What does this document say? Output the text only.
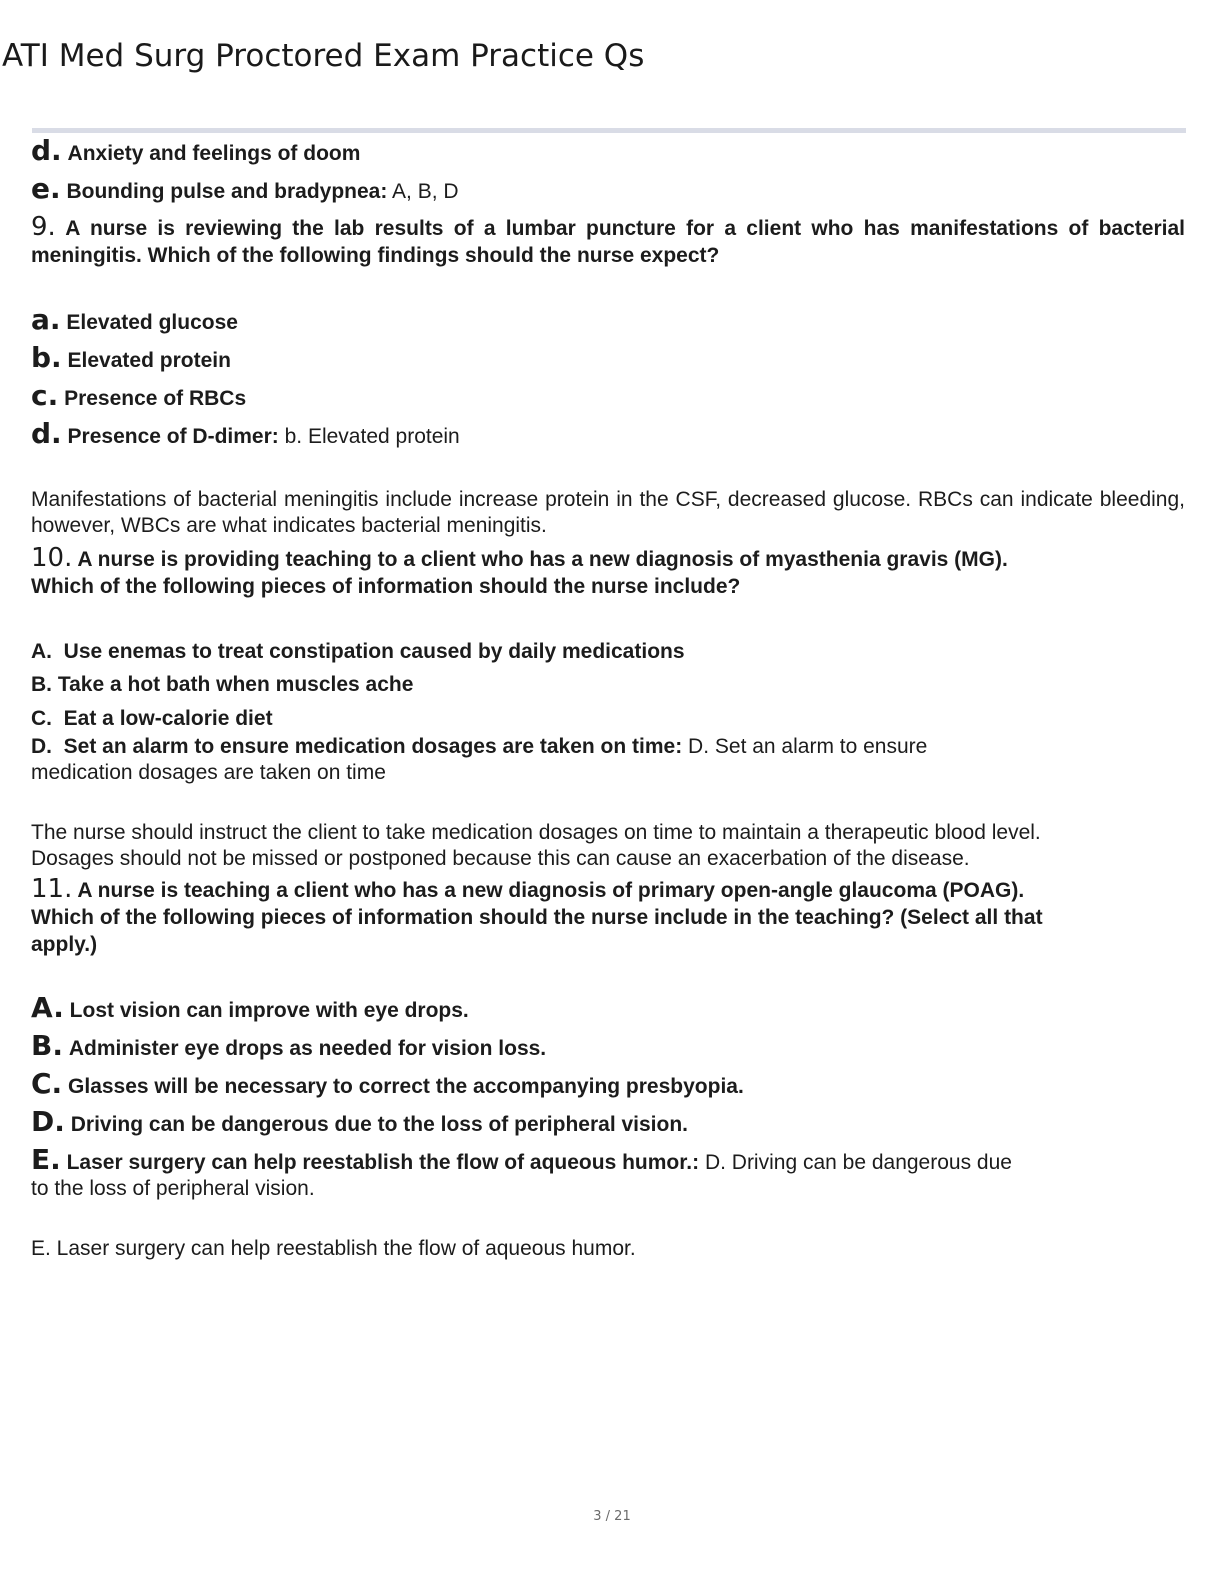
ATI Med Surg Proctored Exam Practice Qs
d. Anxiety and feelings of doom
e. Bounding pulse and bradypnea: A, B, D
9. A nurse is reviewing the lab results of a lumbar puncture for a client who has manifestations of bacterial meningitis. Which of the following findings should the nurse expect?
a. Elevated glucose
b. Elevated protein
c. Presence of RBCs
d. Presence of D-dimer: b. Elevated protein
Manifestations of bacterial meningitis include increase protein in the CSF, decreased glucose. RBCs can indicate bleeding, however, WBCs are what indicates bacterial meningitis.
10. A nurse is providing teaching to a client who has a new diagnosis of myasthenia gravis (MG).
Which of the following pieces of information should the nurse include?
A. Use enemas to treat constipation caused by daily medications
B. Take a hot bath when muscles ache
C. Eat a low-calorie diet
D. Set an alarm to ensure medication dosages are taken on time: D. Set an alarm to ensure
medication dosages are taken on time
The nurse should instruct the client to take medication dosages on time to maintain a therapeutic blood level.
Dosages should not be missed or postponed because this can cause an exacerbation of the disease.
11. A nurse is teaching a client who has a new diagnosis of primary open-angle glaucoma (POAG).
Which of the following pieces of information should the nurse include in the teaching? (Select all that
apply.)
A. Lost vision can improve with eye drops.
B. Administer eye drops as needed for vision loss.
C. Glasses will be necessary to correct the accompanying presbyopia.
D. Driving can be dangerous due to the loss of peripheral vision.
E. Laser surgery can help reestablish the flow of aqueous humor.: D. Driving can be dangerous due
to the loss of peripheral vision.
E. Laser surgery can help reestablish the flow of aqueous humor.
3 / 21
